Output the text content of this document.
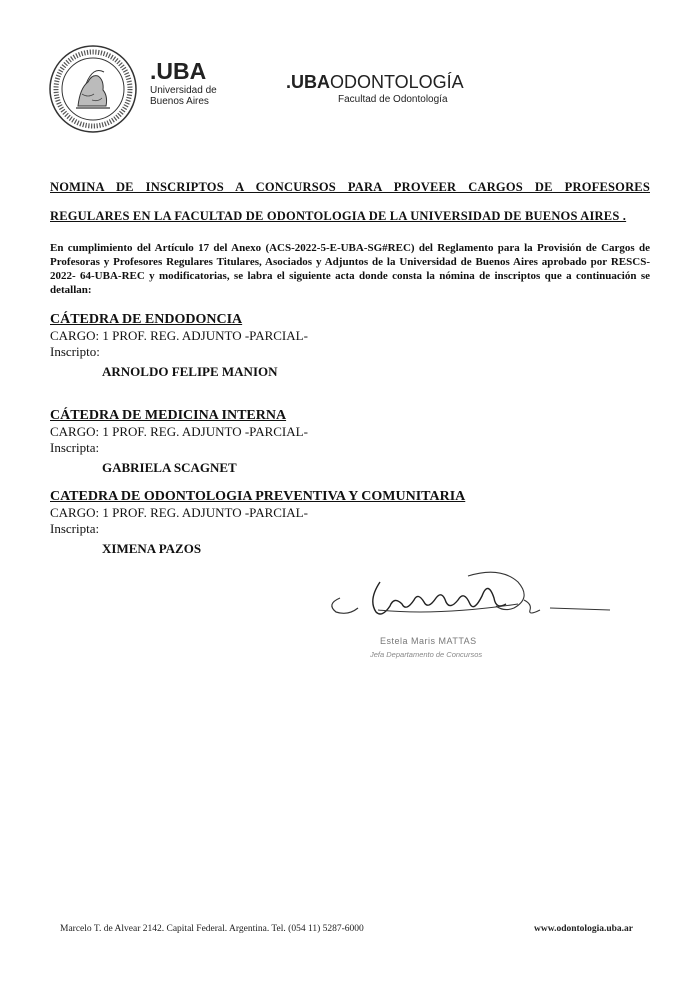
.UBA
Universidad de
Buenos Aires
.UBAODONTOLOGÍA
Facultad de Odontología
NOMINA DE INSCRIPTOS A CONCURSOS PARA PROVEER CARGOS DE PROFESORES
REGULARES EN LA FACULTAD DE ODONTOLOGIA DE LA UNIVERSIDAD DE BUENOS AIRES .
En cumplimiento del Artículo 17 del Anexo (ACS-2022-5-E-UBA-SG#REC) del Reglamento para la Provisión de Cargos de Profesoras y Profesores Regulares Titulares, Asociados y Adjuntos de la Universidad de Buenos Aires aprobado por RESCS-2022- 64-UBA-REC y modificatorias, se labra el siguiente acta donde consta la nómina de inscriptos que a continuación se detallan:
CÁTEDRA DE ENDODONCIA
CARGO: 1 PROF. REG. ADJUNTO -PARCIAL-
Inscripto:
ARNOLDO FELIPE MANION
CÁTEDRA DE MEDICINA INTERNA
CARGO: 1 PROF. REG. ADJUNTO -PARCIAL-
Inscripta:
GABRIELA SCAGNET
CATEDRA DE ODONTOLOGIA PREVENTIVA Y COMUNITARIA
CARGO: 1 PROF. REG. ADJUNTO -PARCIAL-
Inscripta:
XIMENA PAZOS
Estela Maris MATTAS
Jefa Departamento de Concursos
Marcelo T. de Alvear 2142. Capital Federal. Argentina. Tel. (054 11) 5287-6000	www.odontologia.uba.ar
